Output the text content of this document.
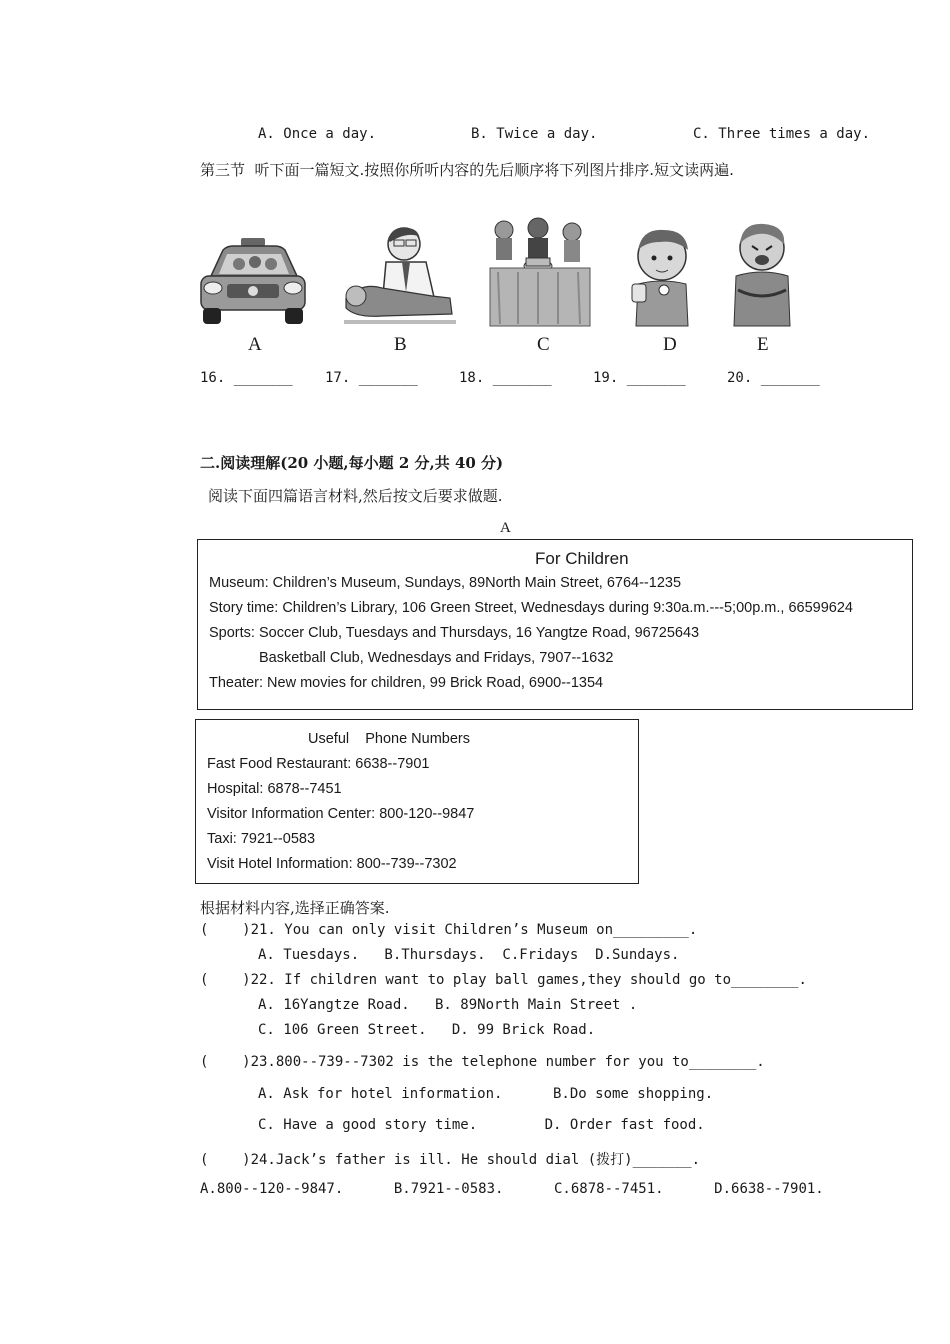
A. Once a day.	B. Twice a day.	C. Three times a day.
第三节  听下面一篇短文.按照你所听内容的先后顺序将下列图片排序.短文读两遍.
A	B	C	D	E
16. _______ 17. _______	18. _______	19. _______	20. _______
二.阅读理解(20 小题,每小题 2 分,共 40 分)
阅读下面四篇语言材料,然后按文后要求做题.
A
For Children
Museum: Children’s Museum, Sundays, 89North Main Street, 6764--1235
Story time: Children’s Library, 106 Green Street, Wednesdays during 9:30a.m.---5;00p.m., 66599624
Sports: Soccer Club, Tuesdays and Thursdays, 16 Yangtze Road, 96725643
Basketball Club, Wednesdays and Fridays, 7907--1632
Theater: New movies for children, 99 Brick Road, 6900--1354
Useful    Phone Numbers
Fast Food Restaurant: 6638--7901
Hospital: 6878--7451
Visitor Information Center: 800-120--9847
Taxi: 7921--0583
Visit Hotel Information: 800--739--7302
根据材料内容,选择正确答案.
(    )21. You can only visit Children’s Museum on_________.
A. Tuesdays.   B.Thursdays.  C.Fridays  D.Sundays.
(    )22. If children want to play ball games,they should go to________.
A. 16Yangtze Road.   B. 89North Main Street .
C. 106 Green Street.   D. 99 Brick Road.
(    )23.800--739--7302 is the telephone number for you to________.
A. Ask for hotel information.      B.Do some shopping.
C. Have a good story time.        D. Order fast food.
(    )24.Jack’s father is ill. He should dial (拨打)_______.
A.800--120--9847.      B.7921--0583.      C.6878--7451.      D.6638--7901.
